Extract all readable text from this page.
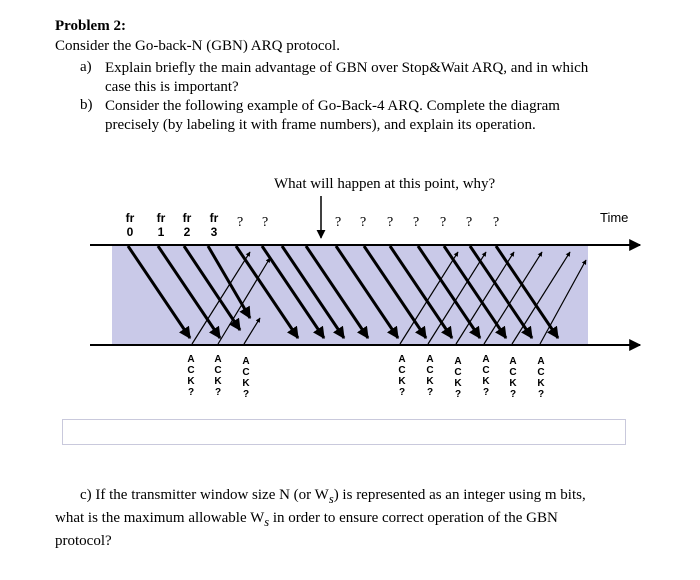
Problem 2:
Consider the Go-back-N (GBN) ARQ protocol.
a) Explain briefly the main advantage of GBN over Stop&Wait ARQ, and in which
case this is important?
b) Consider the following example of Go-Back-4 ARQ. Complete the diagram
precisely (by labeling it with frame numbers), and explain its operation.
What will happen at this point, why?
Time
fr
0
fr
1
fr
2
fr
3
? ?	? ? ? ? ? ? ?
A
C
K
?
A
C
K
?
A
C
K
?
A
C
K
?
A
C
K
?
A
C
K
?
A
C
K
?
A
C
K
?
A
C
K
?
c) If the transmitter window size N (or $W_s$) is represented as an integer using m bits,
what is the maximum allowable $W_s$ in order to ensure correct operation of the GBN
protocol?
